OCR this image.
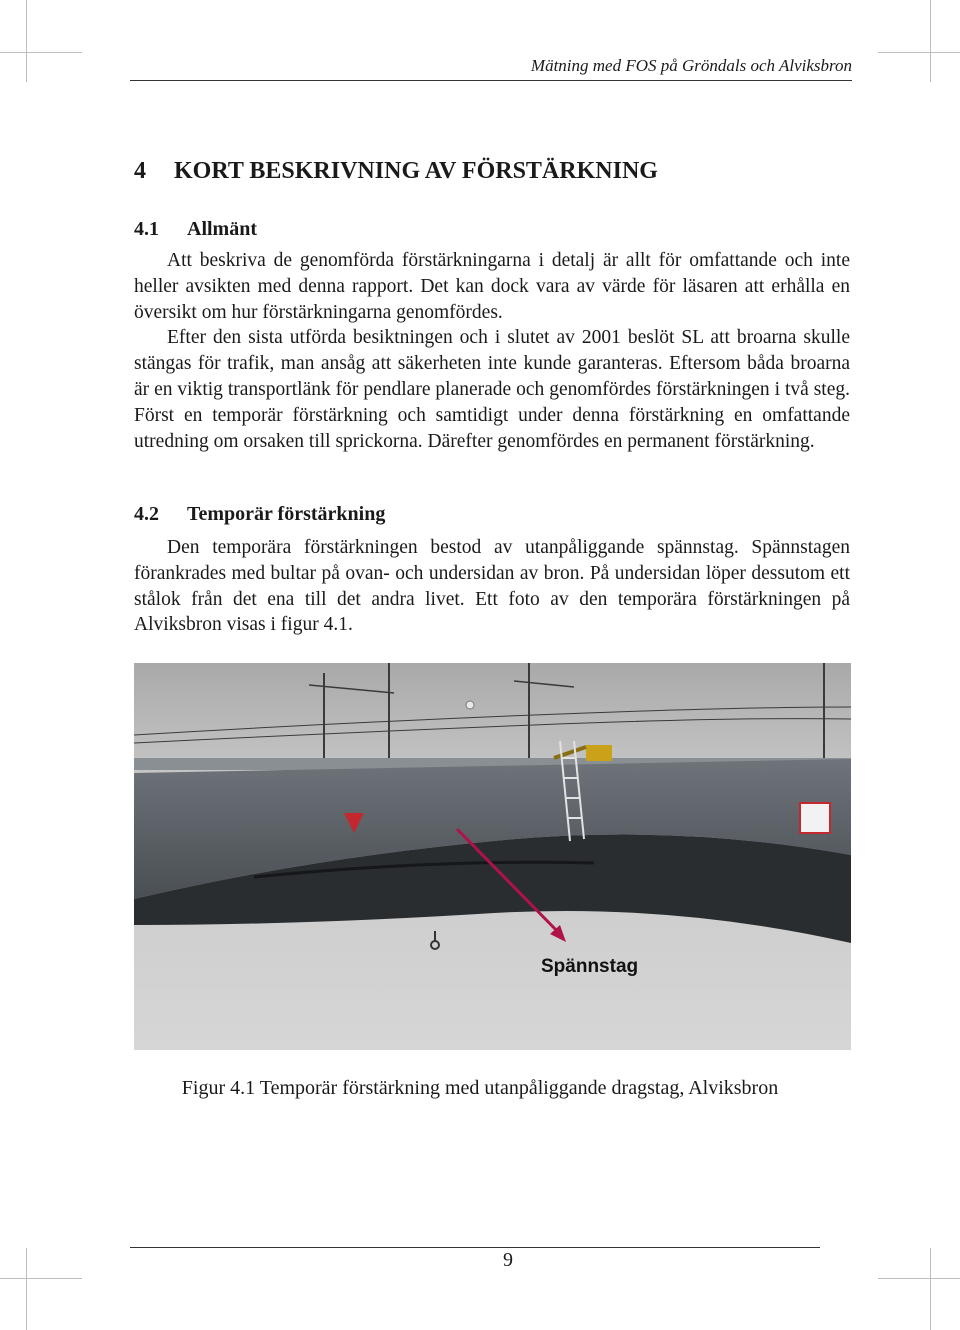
Mätning med FOS på Gröndals och Alviksbron
4 KORT BESKRIVNING AV FÖRSTÄRKNING
4.1 Allmänt
Att beskriva de genomförda förstärkningarna i detalj är allt för omfattande och inte heller avsikten med denna rapport. Det kan dock vara av värde för läsaren att erhålla en översikt om hur förstärkningarna genomfördes.
Efter den sista utförda besiktningen och i slutet av 2001 beslöt SL att broarna skulle stängas för trafik, man ansåg att säkerheten inte kunde garanteras. Eftersom båda broarna är en viktig transportlänk för pendlare planerade och genomfördes förstärkningen i två steg. Först en temporär förstärkning och samtidigt under denna förstärkning en omfattande utredning om orsaken till sprickorna. Därefter genomfördes en permanent förstärkning.
4.2 Temporär förstärkning
Den temporära förstärkningen bestod av utanpåliggande spännstag. Spännstagen förankrades med bultar på ovan- och undersidan av bron. På undersidan löper dessutom ett stålok från det ena till det andra livet. Ett foto av den temporära förstärkningen på Alviksbron visas i figur 4.1.
Spännstag
Figur 4.1 Temporär förstärkning med utanpåliggande dragstag, Alviksbron
9
